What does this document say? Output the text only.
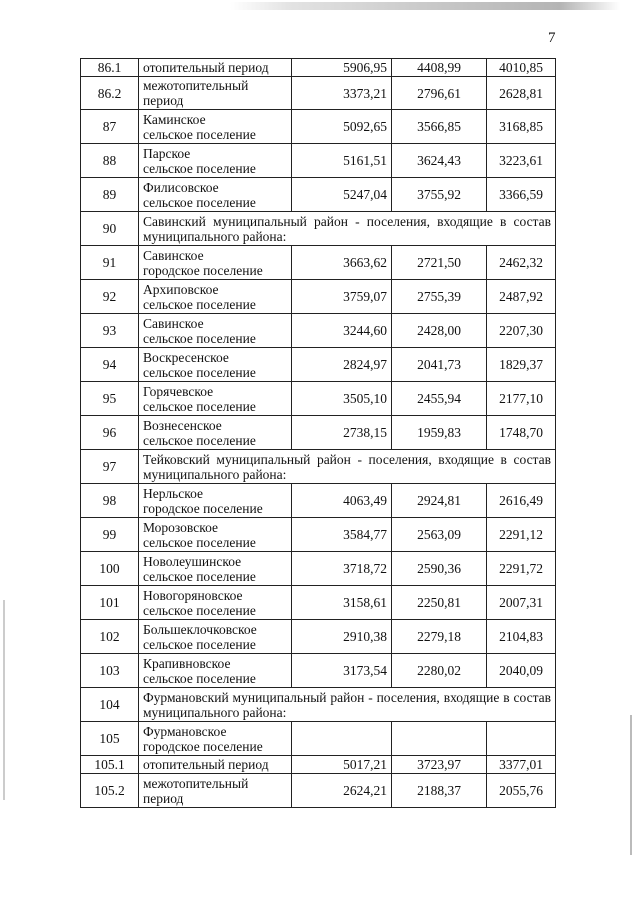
7
86.1	отопительный период	5906,95	4408,99	4010,85
86.2	межотопительный
период	3373,21	2796,61	2628,81
87	Каминское
сельское поселение	5092,65	3566,85	3168,85
88	Парское
сельское поселение	5161,51	3624,43	3223,61
89	Филисовское
сельское поселение	5247,04	3755,92	3366,59
90	Савинский муниципальный район - поселения, входящие в состав муниципального района:			
91	Савинское
городское поселение	3663,62	2721,50	2462,32
92	Архиповское
сельское поселение	3759,07	2755,39	2487,92
93	Савинское
сельское поселение	3244,60	2428,00	2207,30
94	Воскресенское
сельское поселение	2824,97	2041,73	1829,37
95	Горячевское
сельское поселение	3505,10	2455,94	2177,10
96	Вознесенское
сельское поселение	2738,15	1959,83	1748,70
97	Тейковский муниципальный район - поселения, входящие в состав муниципального района:			
98	Нерльское
городское поселение	4063,49	2924,81	2616,49
99	Морозовское
сельское поселение	3584,77	2563,09	2291,12
100	Новолеушинское
сельское поселение	3718,72	2590,36	2291,72
101	Новогоряновское
сельское поселение	3158,61	2250,81	2007,31
102	Большеклочковское
сельское поселение	2910,38	2279,18	2104,83
103	Крапивновское
сельское поселение	3173,54	2280,02	2040,09
104	Фурмановский муниципальный район - поселения, входящие в состав муниципального района:			
105	Фурмановское
городское поселение			
105.1	отопительный период	5017,21	3723,97	3377,01
105.2	межотопительный
период	2624,21	2188,37	2055,76
